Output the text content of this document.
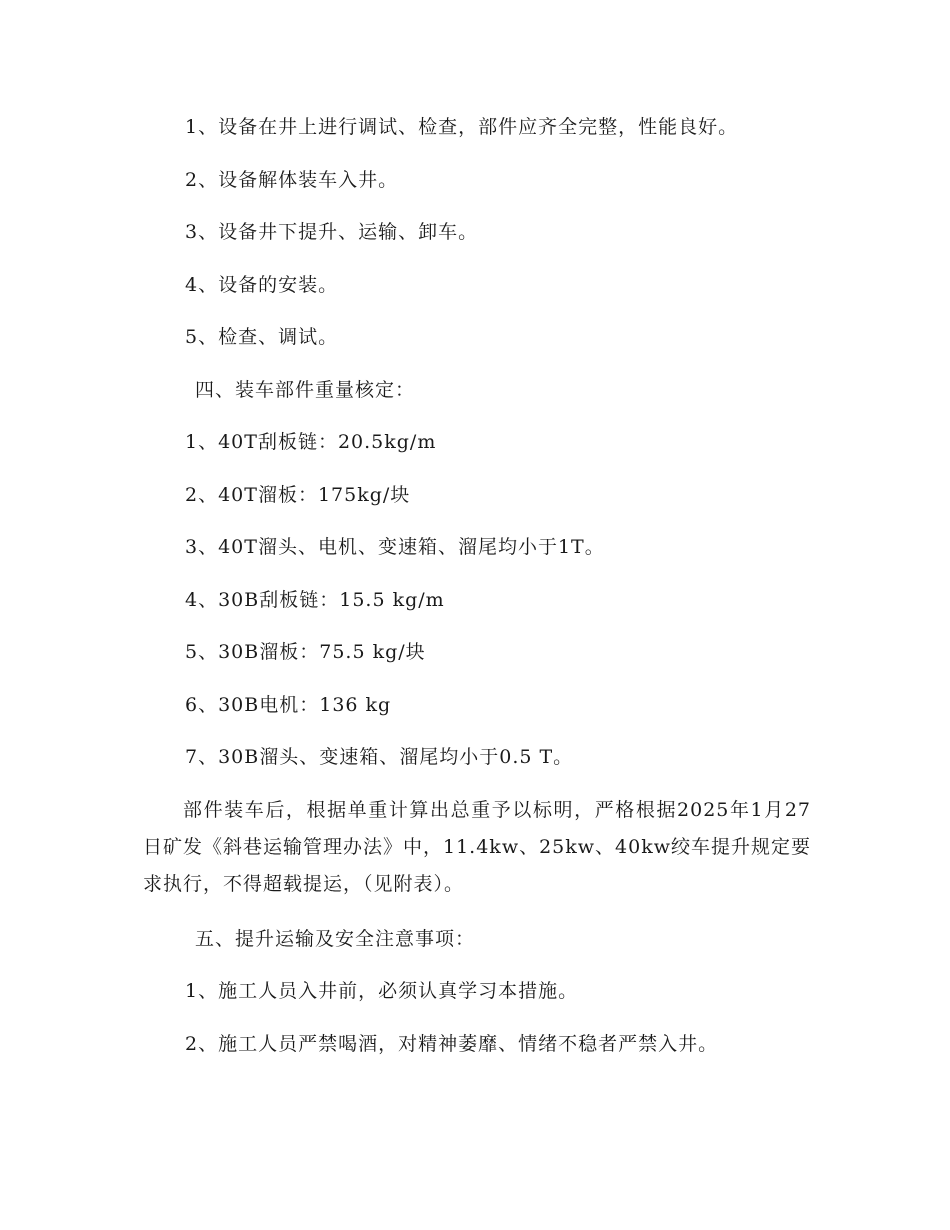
1、设备在井上进行调试、检查，部件应齐全完整，性能良好。

2、设备解体装车入井。

3、设备井下提升、运输、卸车。

4、设备的安装。

5、检查、调试。

四、装车部件重量核定：

1、40T刮板链：20.5kg/m

2、40T溜板：175kg/块

3、40T溜头、电机、变速箱、溜尾均小于1T。

4、30B刮板链：15.5 kg/m

5、30B溜板：75.5 kg/块

6、30B电机：136 kg

7、30B溜头、变速箱、溜尾均小于0.5 T。

部件装车后，根据单重计算出总重予以标明，严格根据2025年1月27日矿发《斜巷运输管理办法》中，11.4kw、25kw、40kw绞车提升规定要求执行，不得超载提运，（见附表）。

五、提升运输及安全注意事项：

1、施工人员入井前，必须认真学习本措施。

2、施工人员严禁喝酒，对精神萎靡、情绪不稳者严禁入井。
